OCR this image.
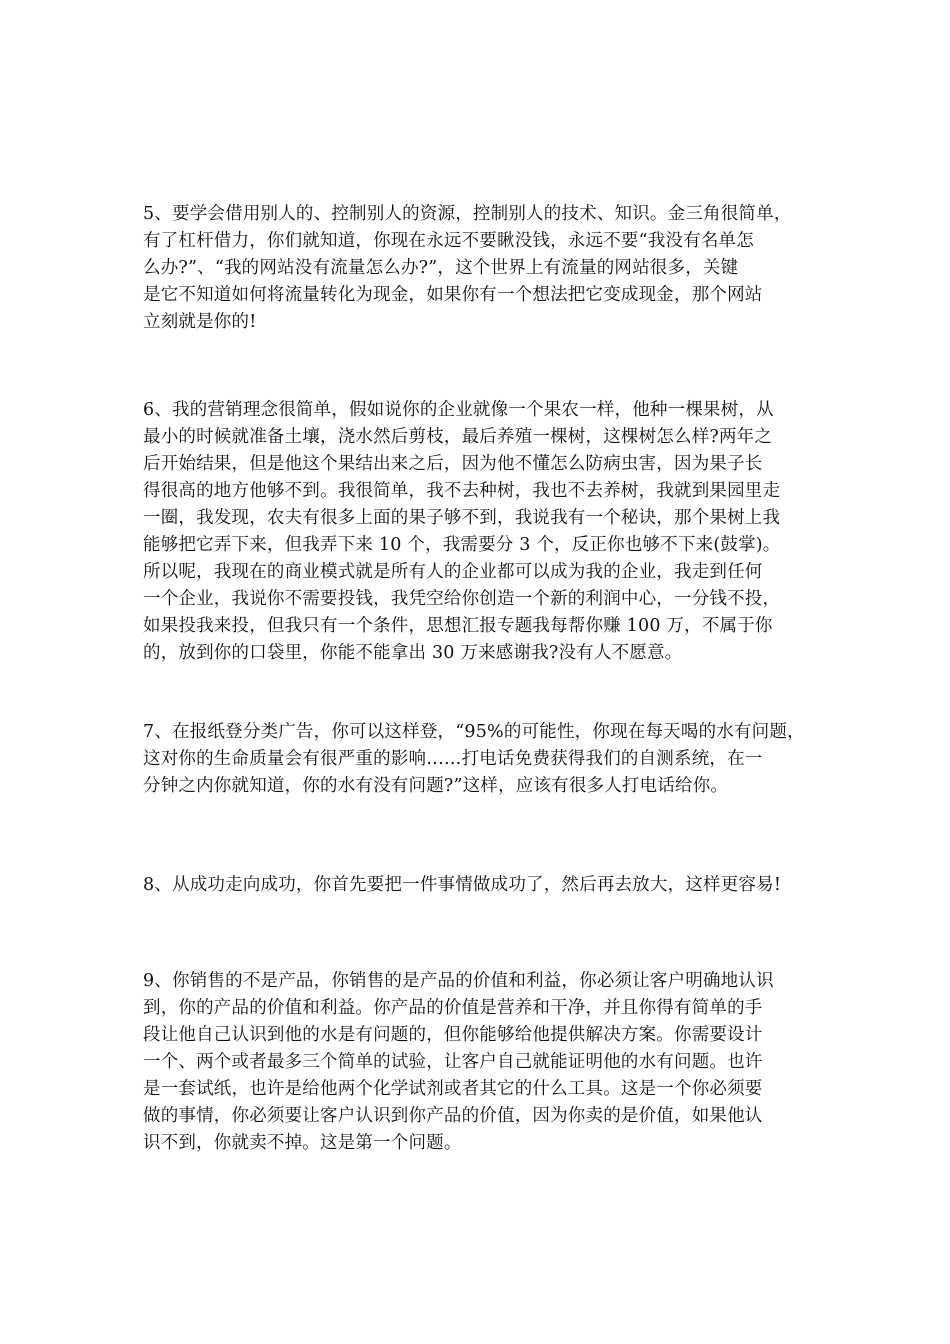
5、要学会借用别人的、控制别人的资源，控制别人的技术、知识。金三角很简单，
有了杠杆借力，你们就知道，你现在永远不要瞅没钱，永远不要“我没有名单怎
么办?”、“我的网站没有流量怎么办?”，这个世界上有流量的网站很多，关键
是它不知道如何将流量转化为现金，如果你有一个想法把它变成现金，那个网站
立刻就是你的!

6、我的营销理念很简单，假如说你的企业就像一个果农一样，他种一棵果树，从
最小的时候就准备土壤，浇水然后剪枝，最后养殖一棵树，这棵树怎么样?两年之
后开始结果，但是他这个果结出来之后，因为他不懂怎么防病虫害，因为果子长
得很高的地方他够不到。我很简单，我不去种树，我也不去养树，我就到果园里走
一圈，我发现，农夫有很多上面的果子够不到，我说我有一个秘诀，那个果树上我
能够把它弄下来，但我弄下来 10 个，我需要分 3 个，反正你也够不下来(鼓掌)。
所以呢，我现在的商业模式就是所有人的企业都可以成为我的企业，我走到任何
一个企业，我说你不需要投钱，我凭空给你创造一个新的利润中心，一分钱不投，
如果投我来投，但我只有一个条件，思想汇报专题我每帮你赚 100 万，不属于你
的，放到你的口袋里，你能不能拿出 30 万来感谢我?没有人不愿意。

7、在报纸登分类广告，你可以这样登，“95%的可能性，你现在每天喝的水有问题，
这对你的生命质量会有很严重的影响……打电话免费获得我们的自测系统，在一
分钟之内你就知道，你的水有没有问题?”这样，应该有很多人打电话给你。

8、从成功走向成功，你首先要把一件事情做成功了，然后再去放大，这样更容易!

9、你销售的不是产品，你销售的是产品的价值和利益，你必须让客户明确地认识
到，你的产品的价值和利益。你产品的价值是营养和干净，并且你得有简单的手
段让他自己认识到他的水是有问题的，但你能够给他提供解决方案。你需要设计
一个、两个或者最多三个简单的试验，让客户自己就能证明他的水有问题。也许
是一套试纸，也许是给他两个化学试剂或者其它的什么工具。这是一个你必须要
做的事情，你必须要让客户认识到你产品的价值，因为你卖的是价值，如果他认
识不到，你就卖不掉。这是第一个问题。
